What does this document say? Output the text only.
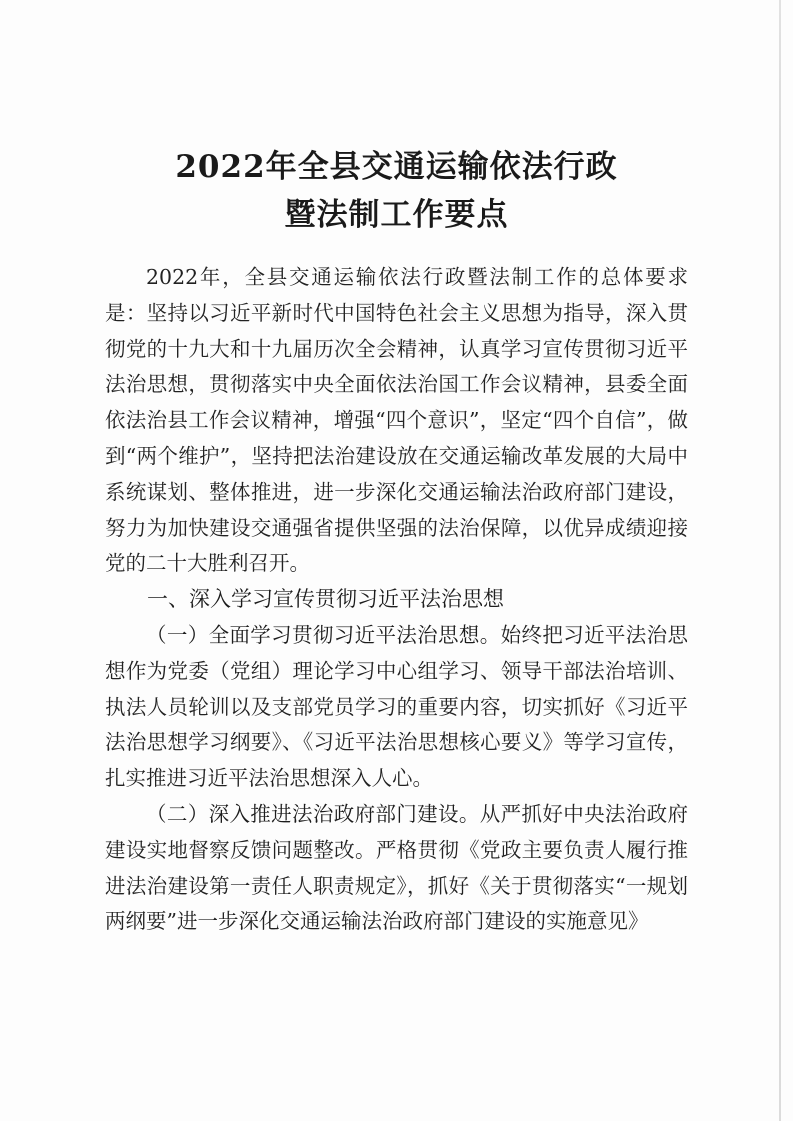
2022年全县交通运输依法行政
暨法制工作要点

2022年，全县交通运输依法行政暨法制工作的总体要求是：坚持以习近平新时代中国特色社会主义思想为指导，深入贯彻党的十九大和十九届历次全会精神，认真学习宣传贯彻习近平法治思想，贯彻落实中央全面依法治国工作会议精神，县委全面依法治县工作会议精神，增强“四个意识”，坚定“四个自信”，做到“两个维护”，坚持把法治建设放在交通运输改革发展的大局中系统谋划、整体推进，进一步深化交通运输法治政府部门建设，努力为加快建设交通强省提供坚强的法治保障，以优异成绩迎接党的二十大胜利召开。

一、深入学习宣传贯彻习近平法治思想

（一）全面学习贯彻习近平法治思想。始终把习近平法治思想作为党委（党组）理论学习中心组学习、领导干部法治培训、执法人员轮训以及支部党员学习的重要内容，切实抓好《习近平法治思想学习纲要》、《习近平法治思想核心要义》等学习宣传，扎实推进习近平法治思想深入人心。

（二）深入推进法治政府部门建设。从严抓好中央法治政府建设实地督察反馈问题整改。严格贯彻《党政主要负责人履行推进法治建设第一责任人职责规定》，抓好《关于贯彻落实“一规划两纲要”进一步深化交通运输法治政府部门建设的实施意见》
